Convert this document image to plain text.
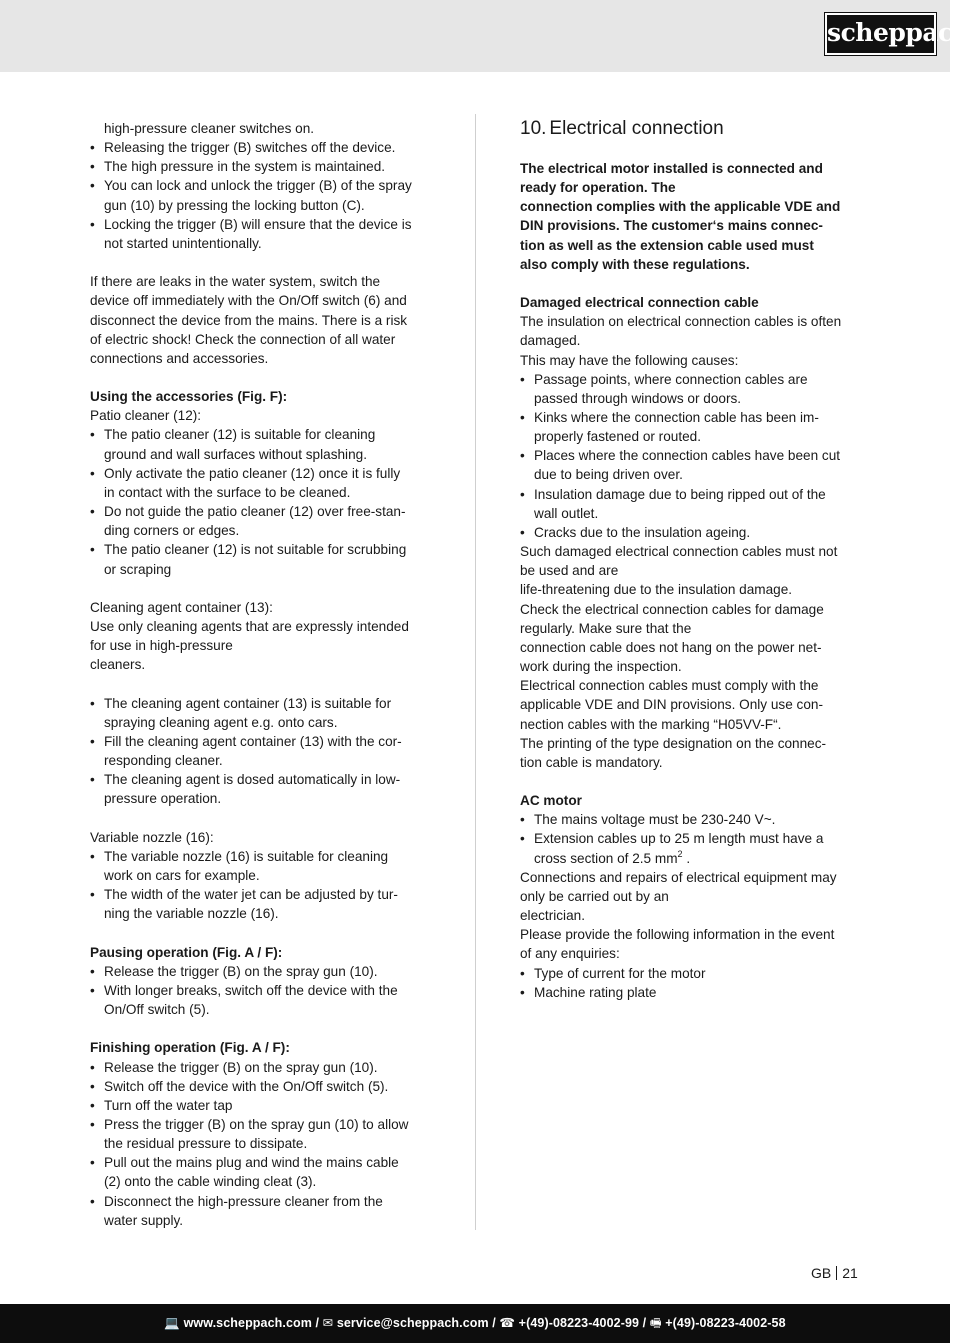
scheppach

high-pressure cleaner switches on.

• Releasing the trigger (B) switches off the device.
• The high pressure in the system is maintained.
• You can lock and unlock the trigger (B) of the spray
gun (10) by pressing the locking button (C).
• Locking the trigger (B) will ensure that the device is
not started unintentionally.

If there are leaks in the water system, switch the
device off immediately with the On/Off switch (6) and
disconnect the device from the mains. There is a risk
of electric shock! Check the connection of all water
connections and accessories.

Using the accessories (Fig. F):

Patio cleaner (12):

• The patio cleaner (12) is suitable for cleaning
ground and wall surfaces without splashing.
• Only activate the patio cleaner (12) once it is fully
in contact with the surface to be cleaned.
• Do not guide the patio cleaner (12) over free-stan-
ding corners or edges.
• The patio cleaner (12) is not suitable for scrubbing
or scraping

Cleaning agent container (13):

Use only cleaning agents that are expressly intended
for use in high-pressure
cleaners.

• The cleaning agent container (13) is suitable for
spraying cleaning agent e.g. onto cars.
• Fill the cleaning agent container (13) with the cor-
responding cleaner.
• The cleaning agent is dosed automatically in low-
pressure operation.

Variable nozzle (16):

• The variable nozzle (16) is suitable for cleaning
work on cars for example.
• The width of the water jet can be adjusted by tur-
ning the variable nozzle (16).

Pausing operation (Fig. A / F):

• Release the trigger (B) on the spray gun (10).
• With longer breaks, switch off the device with the
On/Off switch (5).

Finishing operation (Fig. A / F):

• Release the trigger (B) on the spray gun (10).
• Switch off the device with the On/Off switch (5).
• Turn off the water tap
• Press the trigger (B) on the spray gun (10) to allow
the residual pressure to dissipate.
• Pull out the mains plug and wind the mains cable
(2) onto the cable winding cleat (3).
• Disconnect the high-pressure cleaner from the
water supply.
10. Electrical connection

The electrical motor installed is connected and
ready for operation. The
connection complies with the applicable VDE and
DIN provisions. The customer‘s mains connec-
tion as well as the extension cable used must
also comply with these regulations.

Damaged electrical connection cable

The insulation on electrical connection cables is often
damaged.
This may have the following causes:

• Passage points, where connection cables are
passed through windows or doors.
• Kinks where the connection cable has been im-
properly fastened or routed.
• Places where the connection cables have been cut
due to being driven over.
• Insulation damage due to being ripped out of the
wall outlet.
• Cracks due to the insulation ageing.

Such damaged electrical connection cables must not
be used and are
life-threatening due to the insulation damage.
Check the electrical connection cables for damage
regularly. Make sure that the
connection cable does not hang on the power net-
work during the inspection.
Electrical connection cables must comply with the
applicable VDE and DIN provisions. Only use con-
nection cables with the marking “H05VV-F“.
The printing of the type designation on the connec-
tion cable is mandatory.

AC motor

• The mains voltage must be 230-240 V~.
• Extension cables up to 25 m length must have a
cross section of 2.5 $mm^2$ .

Connections and repairs of electrical equipment may
only be carried out by an
electrician.
Please provide the following information in the event
of any enquiries:

• Type of current for the motor
• Machine rating plate
GB 21
💻 www.scheppach.com / ✉ service@scheppach.com / ☎ +(49)-08223-4002-99 / 🖷 +(49)-08223-4002-58
